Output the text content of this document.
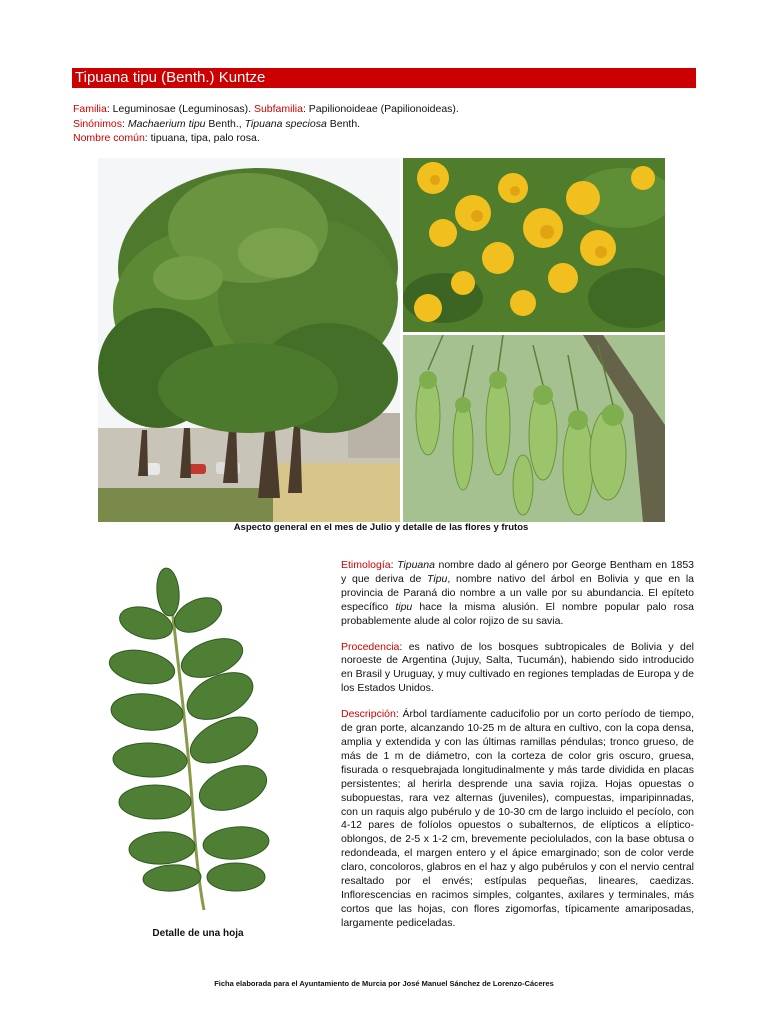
Tipuana tipu (Benth.) Kuntze
Familia: Leguminosae (Leguminosas). Subfamilia: Papilionoideae (Papilionoideas).
Sinónimos: Machaerium tipu Benth., Tipuana speciosa Benth.
Nombre común: tipuana, tipa, palo rosa.
Aspecto general en el mes de Julio y detalle de las flores y frutos
Detalle de una hoja

Etimología: Tipuana nombre dado al género por George Bentham en 1853 y que deriva de Tipu, nombre nativo del árbol en Bolivia y que en la provincia de Paraná dio nombre a un valle por su abundancia. El epíteto específico tipu hace la misma alusión. El nombre popular palo rosa probablemente alude al color rojizo de su savia.

Procedencia: es nativo de los bosques subtropicales de Bolivia y del noroeste de Argentina (Jujuy, Salta, Tucumán), habiendo sido introducido en Brasil y Uruguay, y muy cultivado en regiones templadas de Europa y de los Estados Unidos.

Descripción: Árbol tardíamente caducifolio por un corto período de tiempo, de gran porte, alcanzando 10-25 m de altura en cultivo, con la copa densa, amplia y extendida y con las últimas ramillas péndulas; tronco grueso, de más de 1 m de diámetro, con la corteza de color gris oscuro, gruesa, fisurada o resquebrajada longitudinalmente y más tarde dividida en placas persistentes; al herirla desprende una savia rojiza. Hojas opuestas o subopuestas, rara vez alternas (juveniles), compuestas, imparipinnadas, con un raquis algo pubérulo y de 10-30 cm de largo incluido el pecíolo, con 4-12 pares de folíolos opuestos o subalternos, de elípticos a elíptico-oblongos, de 2-5 x 1-2 cm, brevemente peciolulados, con la base obtusa o redondeada, el margen entero y el ápice emarginado; son de color verde claro, concoloros, glabros en el haz y algo pubérulos y con el nervio central resaltado por el envés; estípulas pequeñas, lineares, caedizas. Inflorescencias en racimos simples, colgantes, axilares y terminales, más cortos que las hojas, con flores zigomorfas, típicamente amariposadas, largamente pediceladas.

Ficha elaborada para el Ayuntamiento de Murcia por José Manuel Sánchez de Lorenzo-Cáceres
